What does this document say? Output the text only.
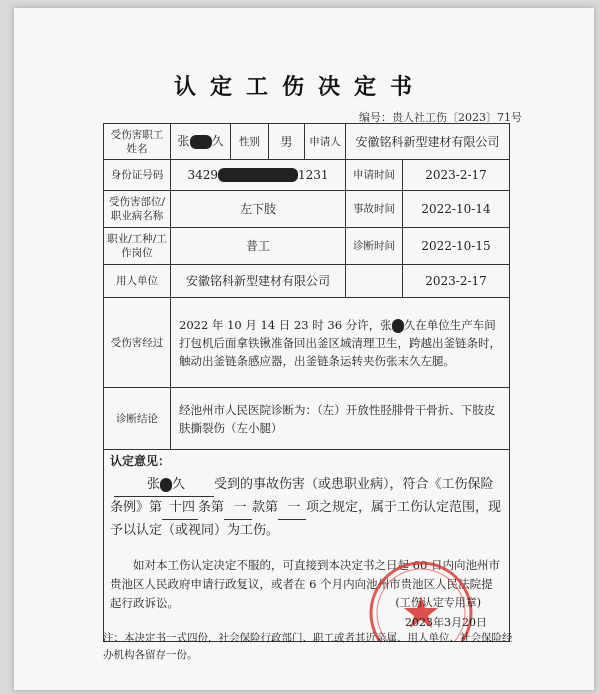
认定工伤决定书
编号：贵人社工伤〔2023〕71号
受伤害职工姓名	张 久	性别	男	申请人	安徽铭科新型建材有限公司
身份证号码	3429 1231				申请时间 2023-2-17

受伤害部位/职业病名称	左下肢				事故时间 2022-10-14

职业/工种/工作岗位	普工				诊断时间 2022-10-15

用人单位	安徽铭科新型建材有限公司				2023-2-17

受伤害经过	2022 年 10 月 14 日 23 时 36 分许，张 久在单位生产车间打包机后面拿铁锹准备回出釜区域清理卫生，跨越出釜链条时，触动出釜链条感应器，出釜链条运转夹伤张末久左腿。				
诊断结论	经池州市人民医院诊断为：（左）开放性胫腓骨干骨折、下肢皮肤撕裂伤（左小腿）				

认定意见：
张 久 受到的事故伤害（或患职业病），符合《工伤保险条例》第 十四 条第 一 款第 一 项之规定，属于工伤认定范围，现予以认定（或视同）为工伤。
如对本工伤认定决定不服的，可直接到本决定书之日起 60 日内向池州市贵池区人民政府申请行政复议，或者在 6 个月内向池州市贵池区人民法院提起行政诉讼。 (工伤认定专用章)
2023年3月20日					
注：本决定书一式四份，社会保险行政部门、职工或者其近亲属、用人单位、社会保险经办机构各留存一份。
